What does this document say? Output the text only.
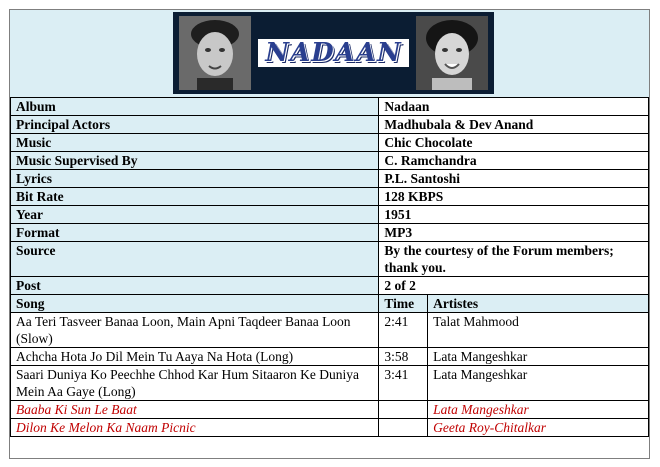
NADAAN
Album	Nadaan	
Principal Actors	Madhubala & Dev Anand	
Music	Chic Chocolate	
Music Supervised By	C. Ramchandra	
Lyrics	P.L. Santoshi	
Bit Rate	128 KBPS	
Year	1951	
Format	MP3	
Source	By the courtesy of the Forum members; thank you.	
Post	2 of 2	
Song	Time	Artistes
Aa Teri Tasveer Banaa Loon, Main Apni Taqdeer Banaa Loon (Slow)	2:41	Talat Mahmood
Achcha Hota Jo Dil Mein Tu Aaya Na Hota (Long)	3:58	Lata Mangeshkar
Saari Duniya Ko Peechhe Chhod Kar Hum Sitaaron Ke Duniya Mein Aa Gaye (Long)	3:41	Lata Mangeshkar
Baaba Ki Sun Le Baat		Lata Mangeshkar
Dilon Ke Melon Ka Naam Picnic		Geeta Roy-Chitalkar
